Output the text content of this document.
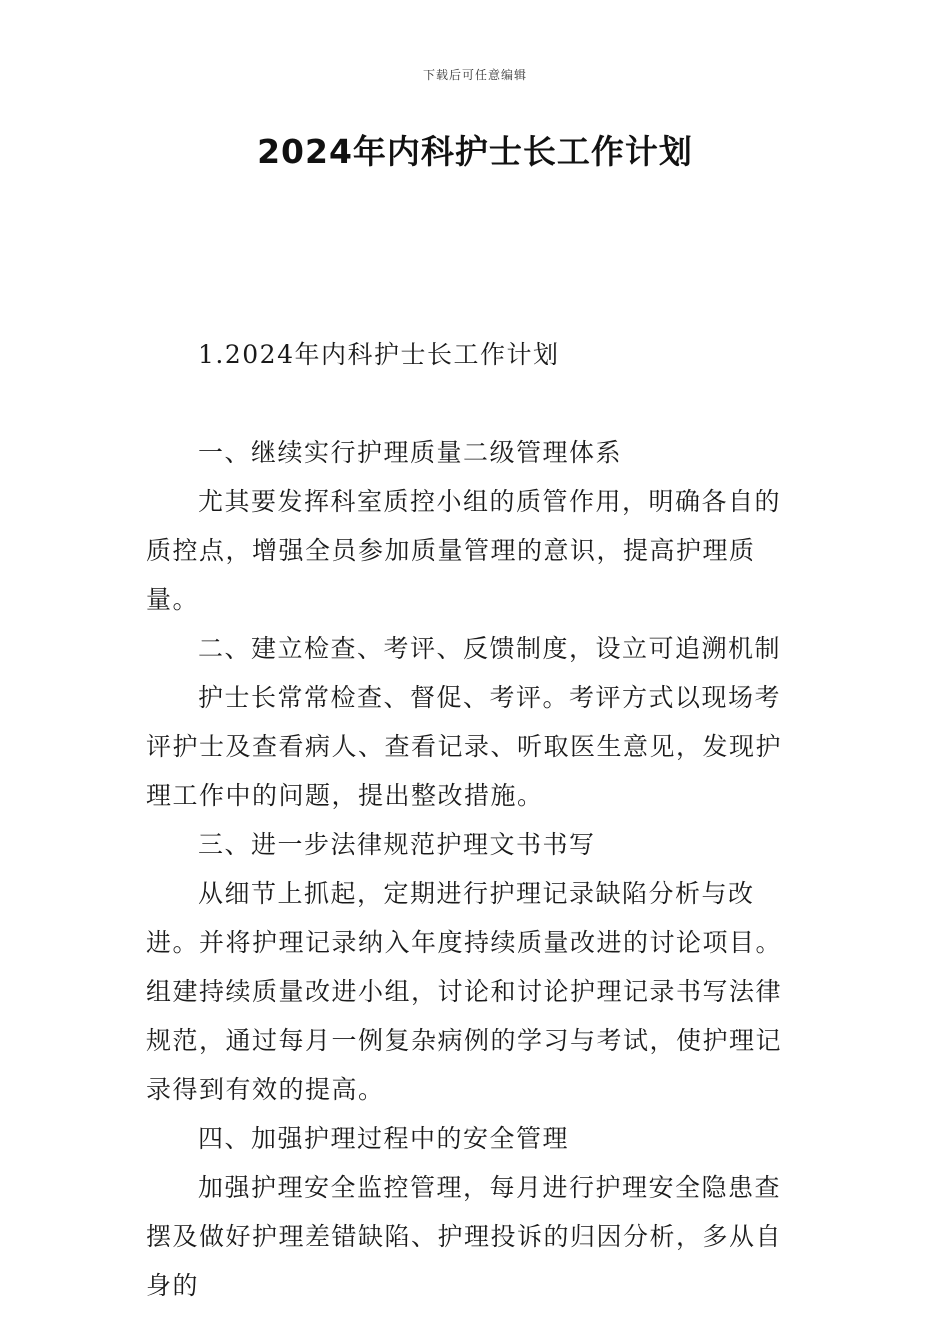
下载后可任意编辑
2024年内科护士长工作计划

1.2024年内科护士长工作计划

一、继续实行护理质量二级管理体系

尤其要发挥科室质控小组的质管作用，明确各自的质控点，增强全员参加质量管理的意识，提高护理质量。

二、建立检查、考评、反馈制度，设立可追溯机制

护士长常常检查、督促、考评。考评方式以现场考评护士及查看病人、查看记录、听取医生意见，发现护理工作中的问题，提出整改措施。

三、进一步法律规范护理文书书写

从细节上抓起，定期进行护理记录缺陷分析与改进。并将护理记录纳入年度持续质量改进的讨论项目。组建持续质量改进小组，讨论和讨论护理记录书写法律规范，通过每月一例复杂病例的学习与考试，使护理记录得到有效的提高。

四、加强护理过程中的安全管理

加强护理安全监控管理，每月进行护理安全隐患查摆及做好护理差错缺陷、护理投诉的归因分析，多从自身的
